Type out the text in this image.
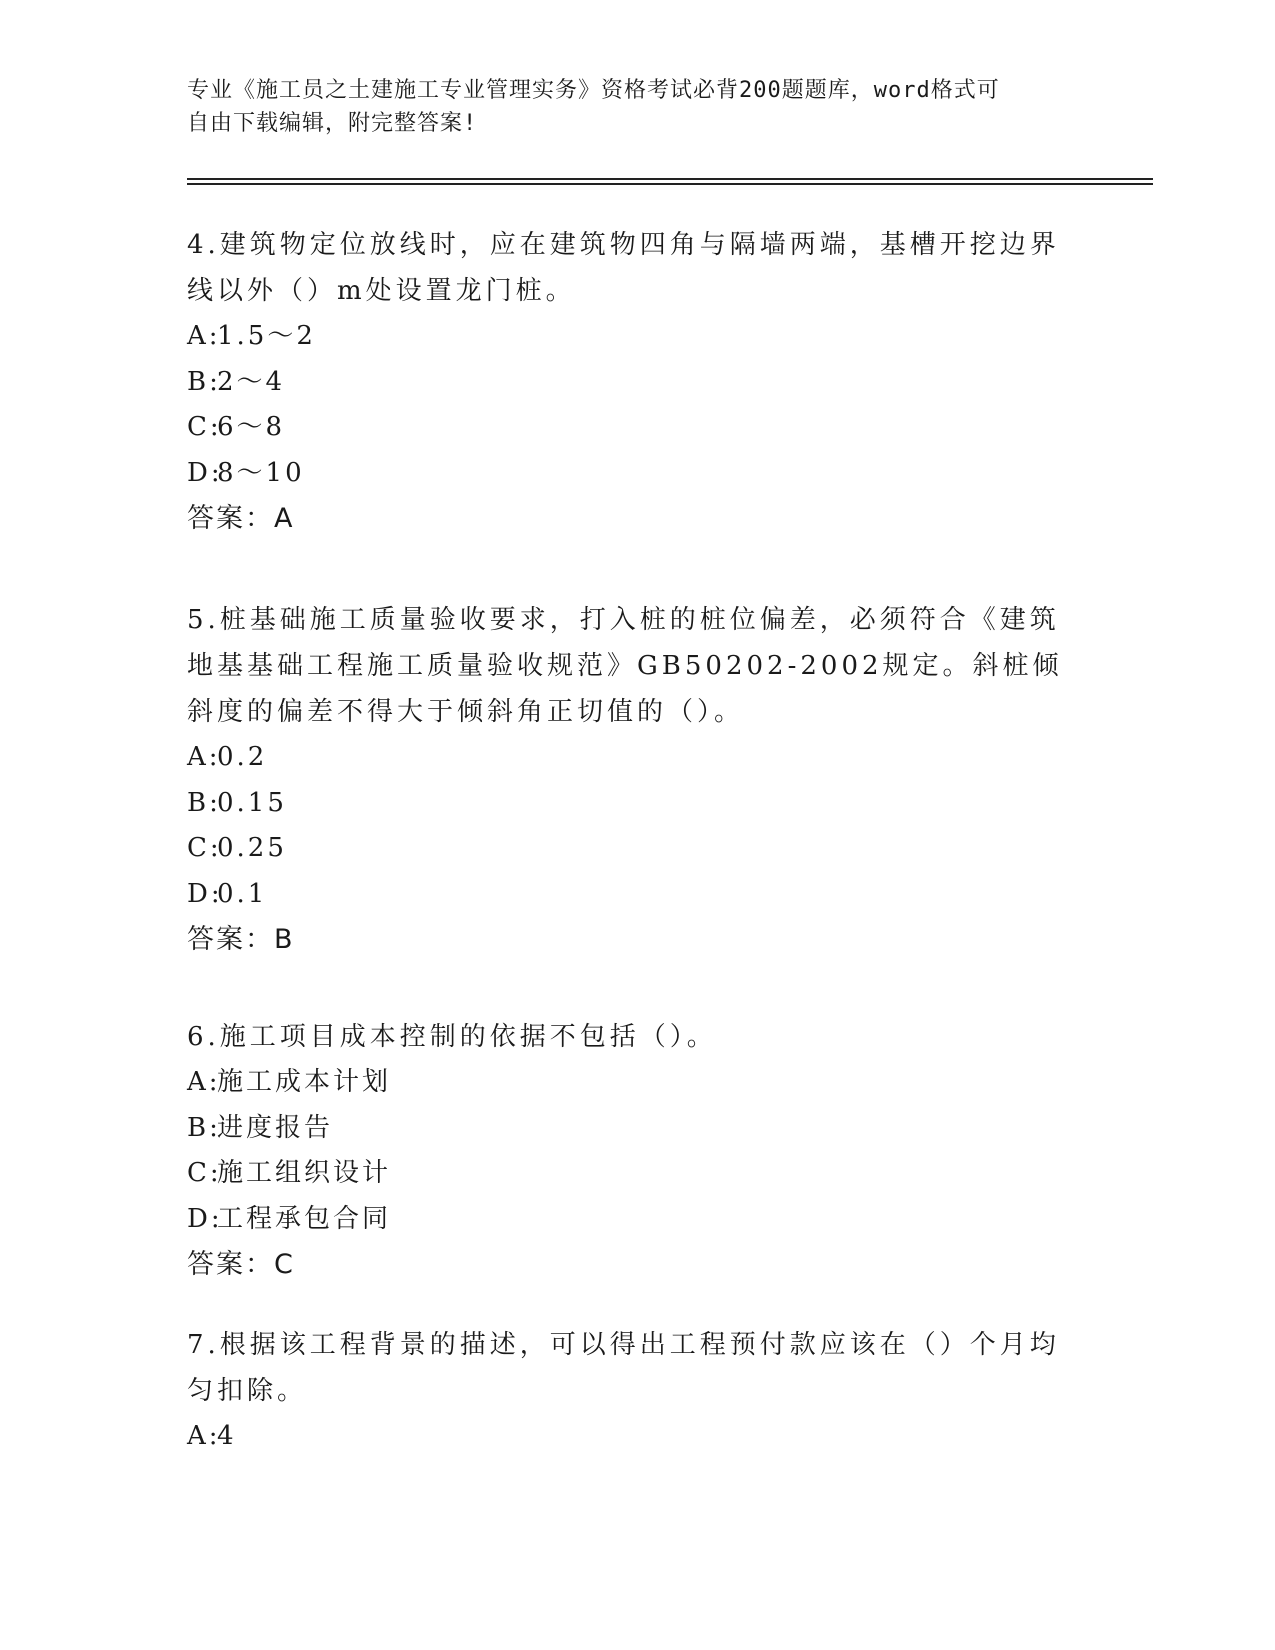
专业《施工员之土建施工专业管理实务》资格考试必背200题题库，word格式可
自由下载编辑，附完整答案!

4.建筑物定位放线时，应在建筑物四角与隔墙两端，基槽开挖边界线以外（）m处设置龙门桩。

A:1.5～2

B:2～4

C:6～8

D:8～10

答案：A

5.桩基础施工质量验收要求，打入桩的桩位偏差，必须符合《建筑地基基础工程施工质量验收规范》GB50202-2002规定。斜桩倾斜度的偏差不得大于倾斜角正切值的（）。

A:0.2

B:0.15

C:0.25

D:0.1

答案：B

6.施工项目成本控制的依据不包括（）。

A:施工成本计划

B:进度报告

C:施工组织设计

D:工程承包合同

答案：C

7.根据该工程背景的描述，可以得出工程预付款应该在（）个月均匀扣除。

A:4
